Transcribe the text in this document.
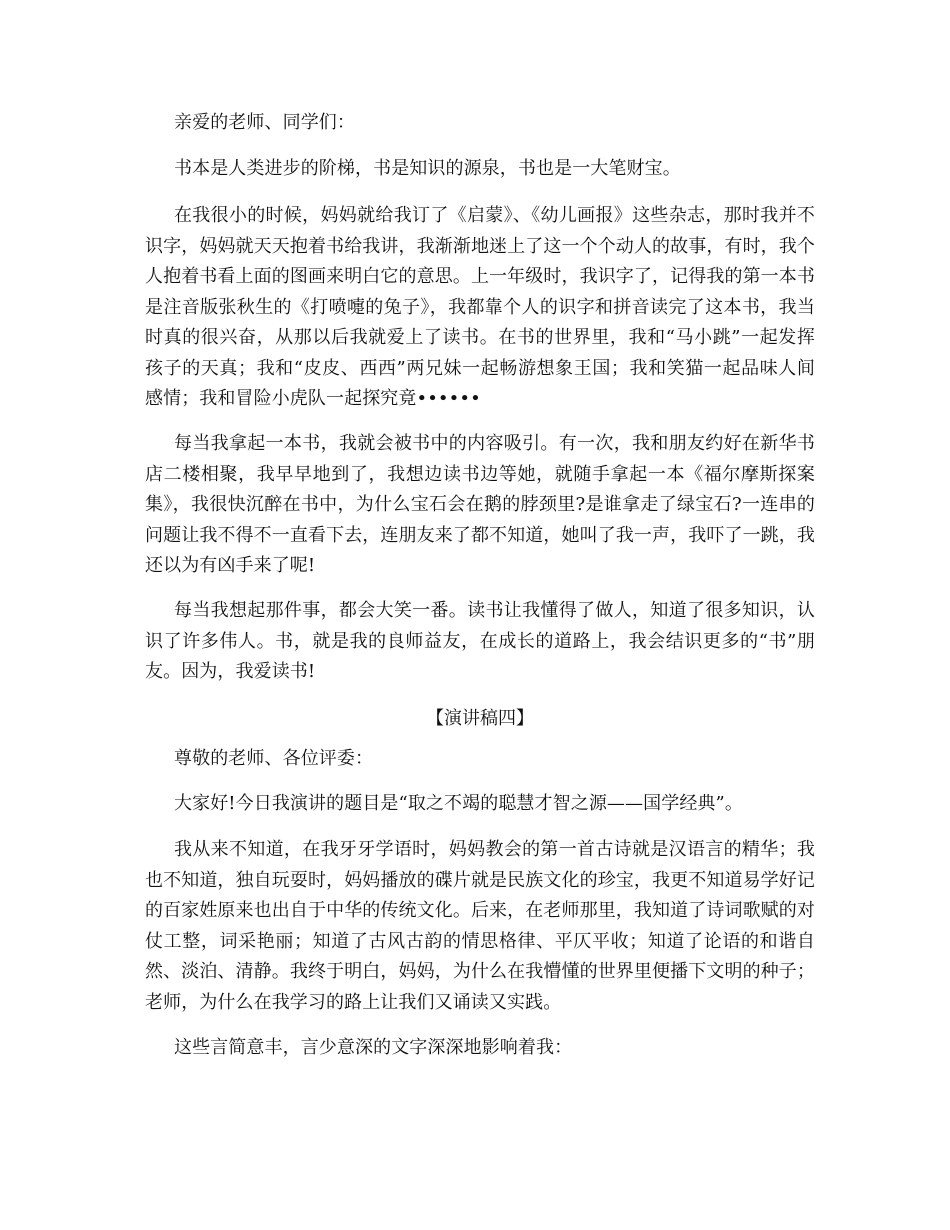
亲爱的老师、同学们：

书本是人类进步的阶梯，书是知识的源泉，书也是一大笔财宝。

在我很小的时候，妈妈就给我订了《启蒙》、《幼儿画报》这些杂志，那时我并不识字，妈妈就天天抱着书给我讲，我渐渐地迷上了这一个个动人的故事，有时，我个人抱着书看上面的图画来明白它的意思。上一年级时，我识字了，记得我的第一本书是注音版张秋生的《打喷嚏的兔子》，我都靠个人的识字和拼音读完了这本书，我当时真的很兴奋，从那以后我就爱上了读书。在书的世界里，我和“马小跳”一起发挥孩子的天真；我和“皮皮、西西”两兄妹一起畅游想象王国；我和笑猫一起品味人间感情；我和冒险小虎队一起探究竟••••••

每当我拿起一本书，我就会被书中的内容吸引。有一次，我和朋友约好在新华书店二楼相聚，我早早地到了，我想边读书边等她，就随手拿起一本《福尔摩斯探案集》，我很快沉醉在书中，为什么宝石会在鹅的脖颈里?是谁拿走了绿宝石?一连串的问题让我不得不一直看下去，连朋友来了都不知道，她叫了我一声，我吓了一跳，我还以为有凶手来了呢!

每当我想起那件事，都会大笑一番。读书让我懂得了做人，知道了很多知识，认识了许多伟人。书，就是我的良师益友，在成长的道路上，我会结识更多的“书”朋友。因为，我爱读书!

【演讲稿四】

尊敬的老师、各位评委：

大家好!今日我演讲的题目是“取之不竭的聪慧才智之源——国学经典”。

我从来不知道，在我牙牙学语时，妈妈教会的第一首古诗就是汉语言的精华；我也不知道，独自玩耍时，妈妈播放的碟片就是民族文化的珍宝，我更不知道易学好记的百家姓原来也出自于中华的传统文化。后来，在老师那里，我知道了诗词歌赋的对仗工整，词采艳丽；知道了古风古韵的情思格律、平仄平收；知道了论语的和谐自然、淡泊、清静。我终于明白，妈妈，为什么在我懵懂的世界里便播下文明的种子；老师，为什么在我学习的路上让我们又诵读又实践。

这些言简意丰，言少意深的文字深深地影响着我：
